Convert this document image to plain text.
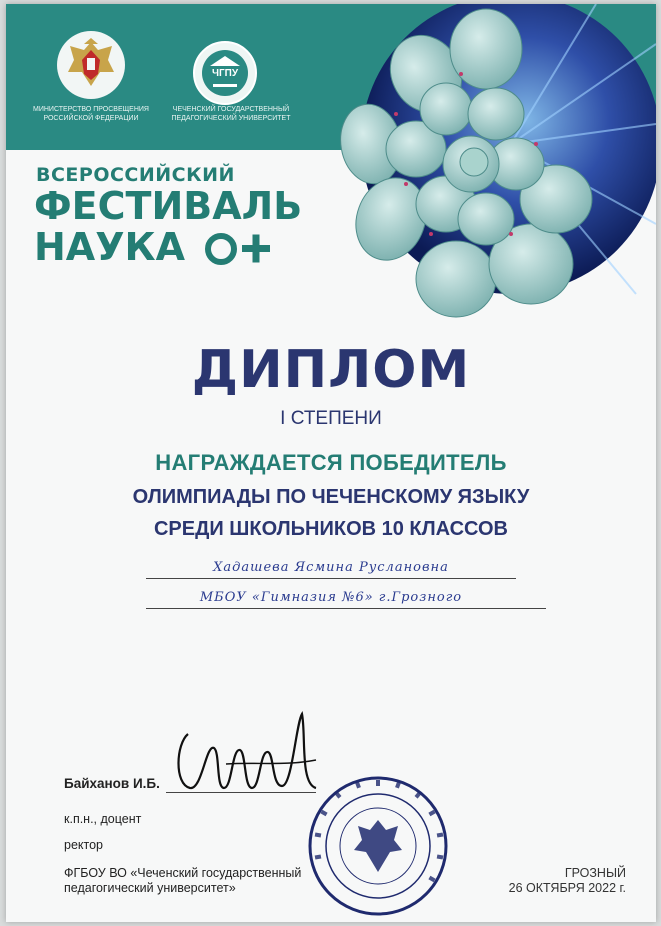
МИНИСТЕРСТВО ПРОСВЕЩЕНИЯ
РОССИЙСКОЙ ФЕДЕРАЦИИ
ЧГПУ
ЧЕЧЕНСКИЙ ГОСУДАРСТВЕННЫЙ
ПЕДАГОГИЧЕСКИЙ УНИВЕРСИТЕТ
ВСЕРОССИЙСКИЙ
ФЕСТИВАЛЬ
НАУКА
ДИПЛОМ
I СТЕПЕНИ
НАГРАЖДАЕТСЯ ПОБЕДИТЕЛЬ
ОЛИМПИАДЫ ПО ЧЕЧЕНСКОМУ ЯЗЫКУ
СРЕДИ ШКОЛЬНИКОВ 10 КЛАССОВ
Хадашева Ясмина Руслановна
МБОУ «Гимназия №6» г.Грозного
Байханов И.Б.
к.п.н., доцент
ректор
ФГБОУ ВО «Чеченский государственный
педагогический университет»
ГРОЗНЫЙ
26 ОКТЯБРЯ 2022 г.
